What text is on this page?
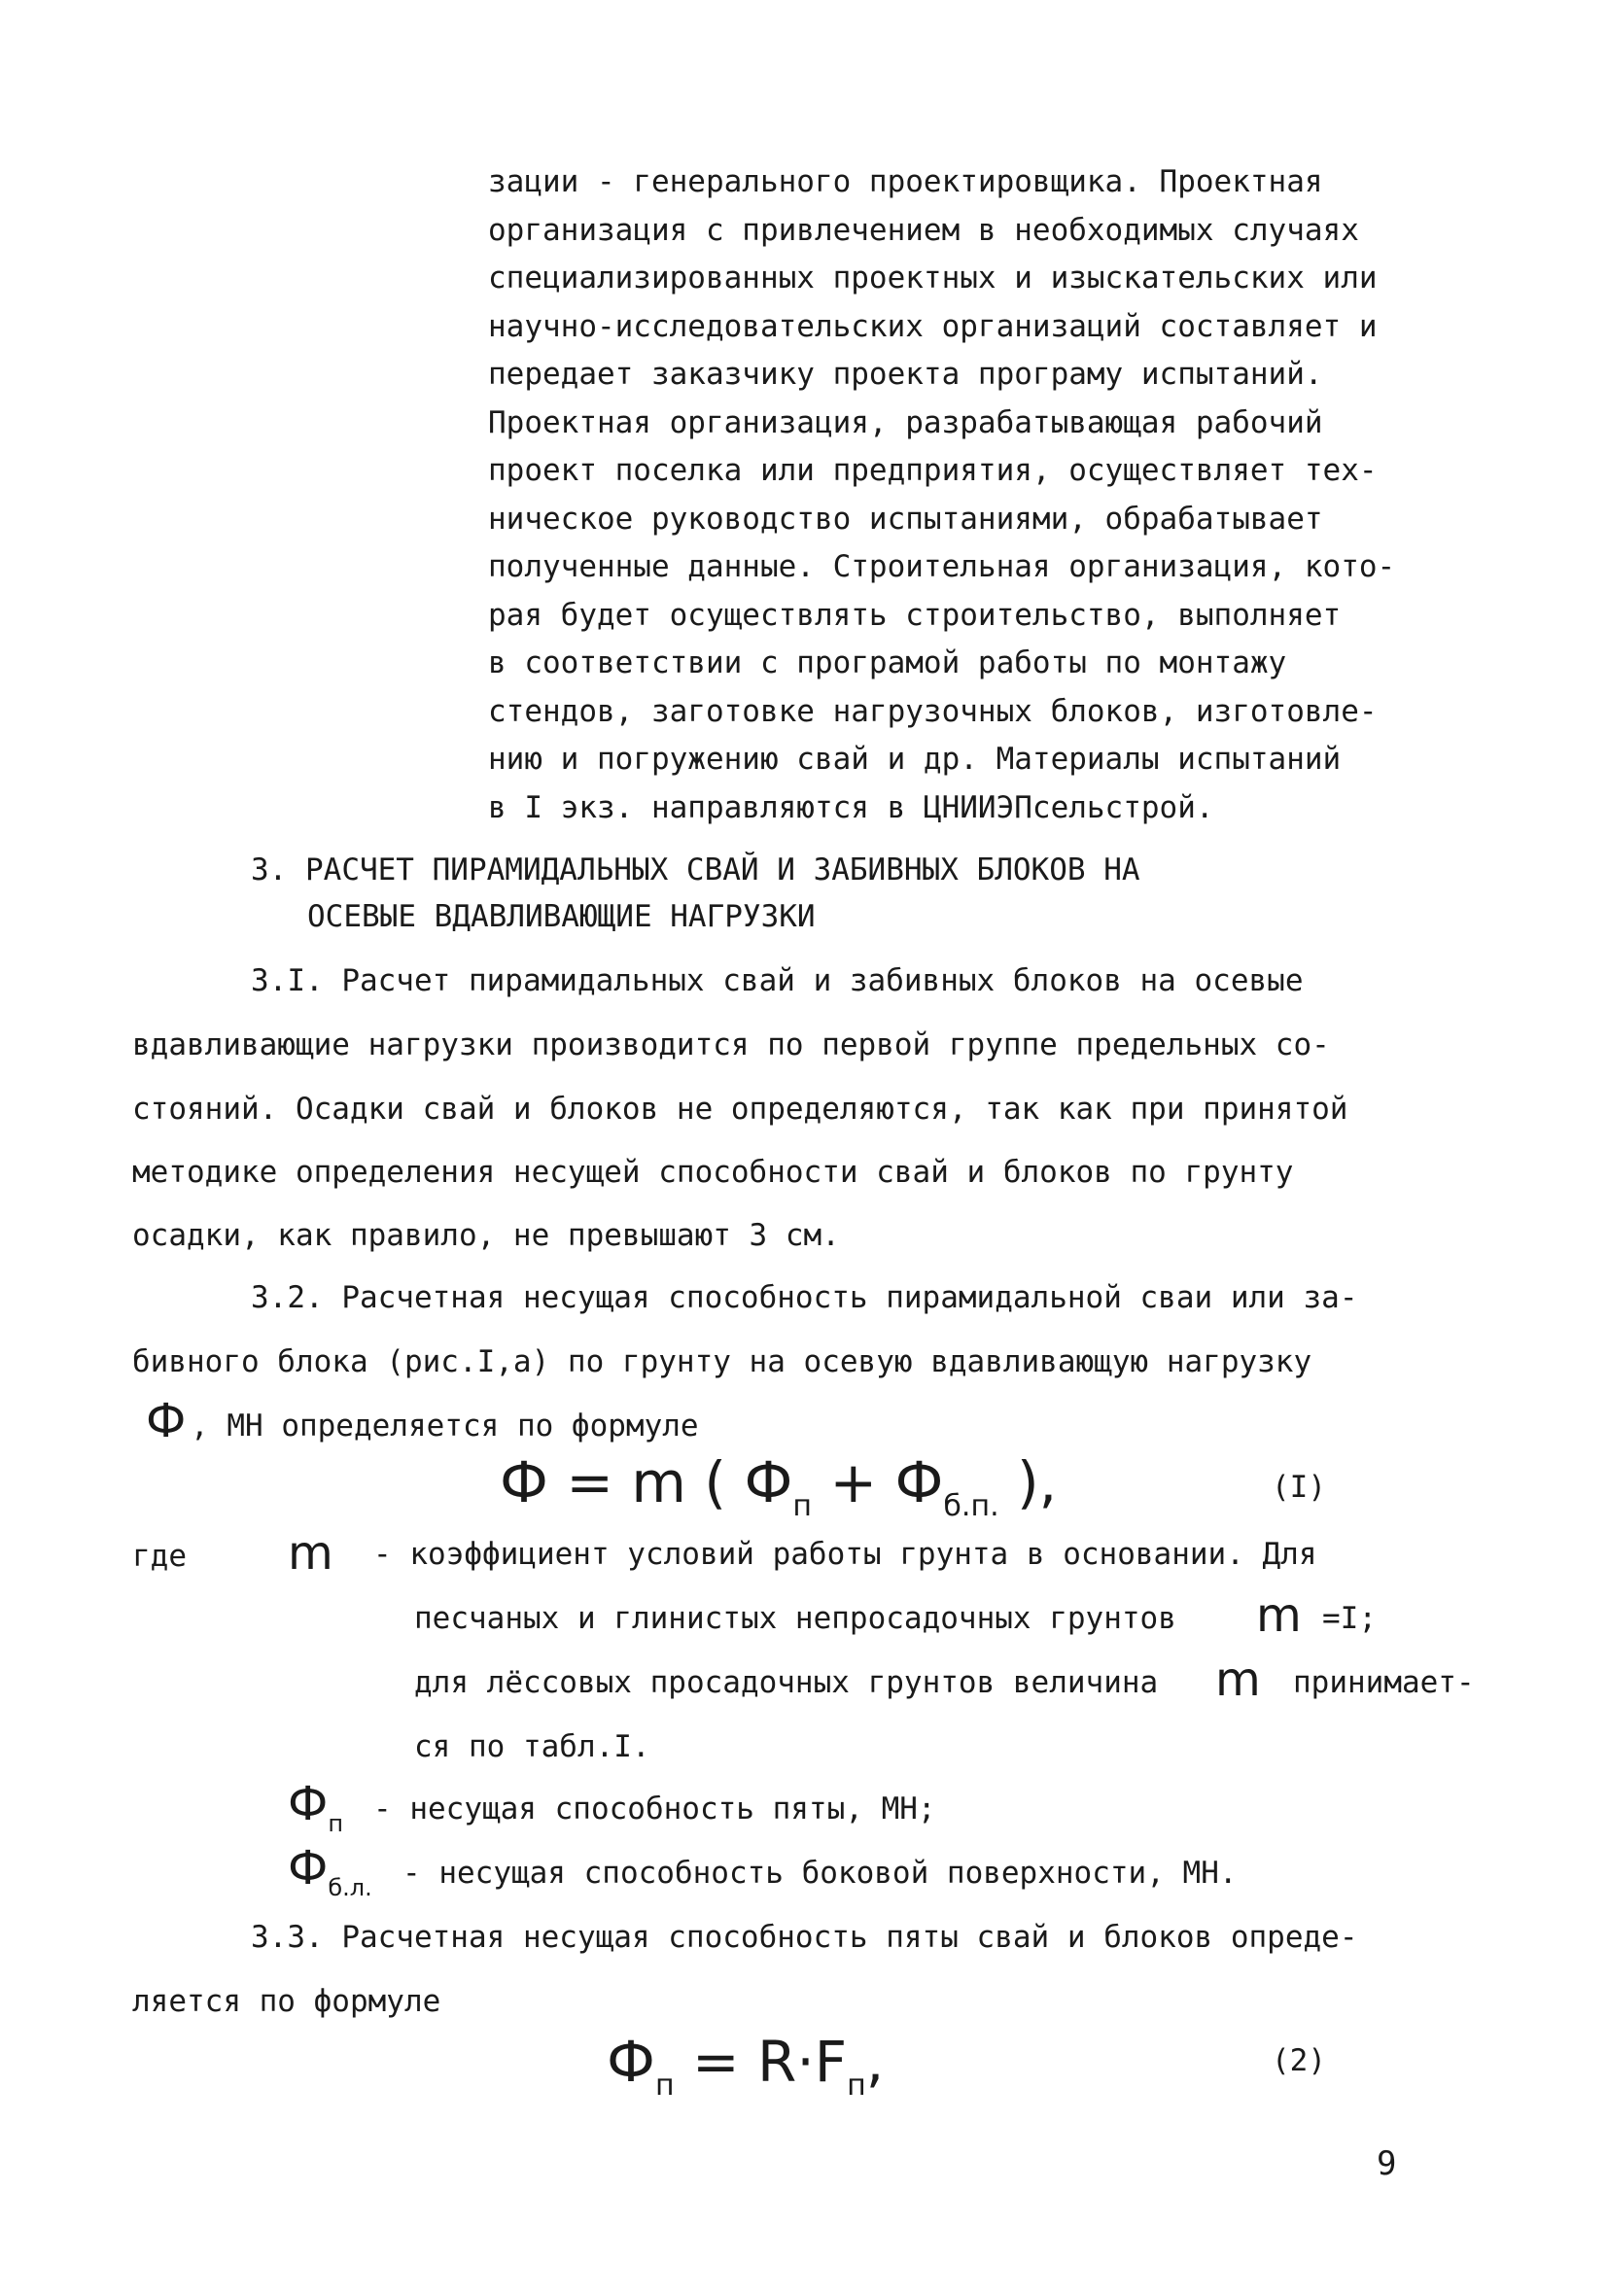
зации - генерального проектировщика. Проектная
организация с привлечением в необходимых случаях
специализированных проектных и изыскательских или
научно-исследовательских организаций составляет и
передает заказчику проекта програму испытаний.
Проектная организация, разрабатывающая рабочий
проект поселка или предприятия, осуществляет тех-
ническое руководство испытаниями, обрабатывает
полученные данные. Строительная организация, кото-
рая будет осуществлять строительство, выполняет
в соответствии с програмой работы по монтажу
стендов, заготовке нагрузочных блоков, изготовле-
нию и погружению свай и др. Материалы испытаний
в I экз. направляются в ЦНИИЭПсельстрой.
3. РАСЧЕТ ПИРАМИДАЛЬНЫХ СВАЙ И ЗАБИВНЫХ БЛОКОВ НА
ОСЕВЫЕ ВДАВЛИВАЮЩИЕ НАГРУЗКИ
3.I. Расчет пирамидальных свай и забивных блоков на осевые
вдавливающие нагрузки производится по первой группе предельных со-
стояний. Осадки свай и блоков не определяются, так как при принятой
методике определения несущей способности свай и блоков по грунту
осадки, как правило, не превышают 3 см.
3.2. Расчетная несущая способность пирамидальной сваи или за-
бивного блока (рис.I,а) по грунту на осевую вдавливающую нагрузку
Ф , МН определяется по формуле
Ф = m ( $Ф_п + Ф_{б.п.}$ ),	(I)
где m - коэффициент условий работы грунта в основании. Для
песчаных и глинистых непросадочных грунтов m =I;
для лёссовых просадочных грунтов величина m принимает-
ся по табл.I.
$Ф_п$ - несущая способность пяты, МН;
$Ф_{б.л.}$ - несущая способность боковой поверхности, МН.
3.3. Расчетная несущая способность пяты свай и блоков опреде-
ляется по формуле
$Ф_п = R\cdot F_п$,	(2)
9
